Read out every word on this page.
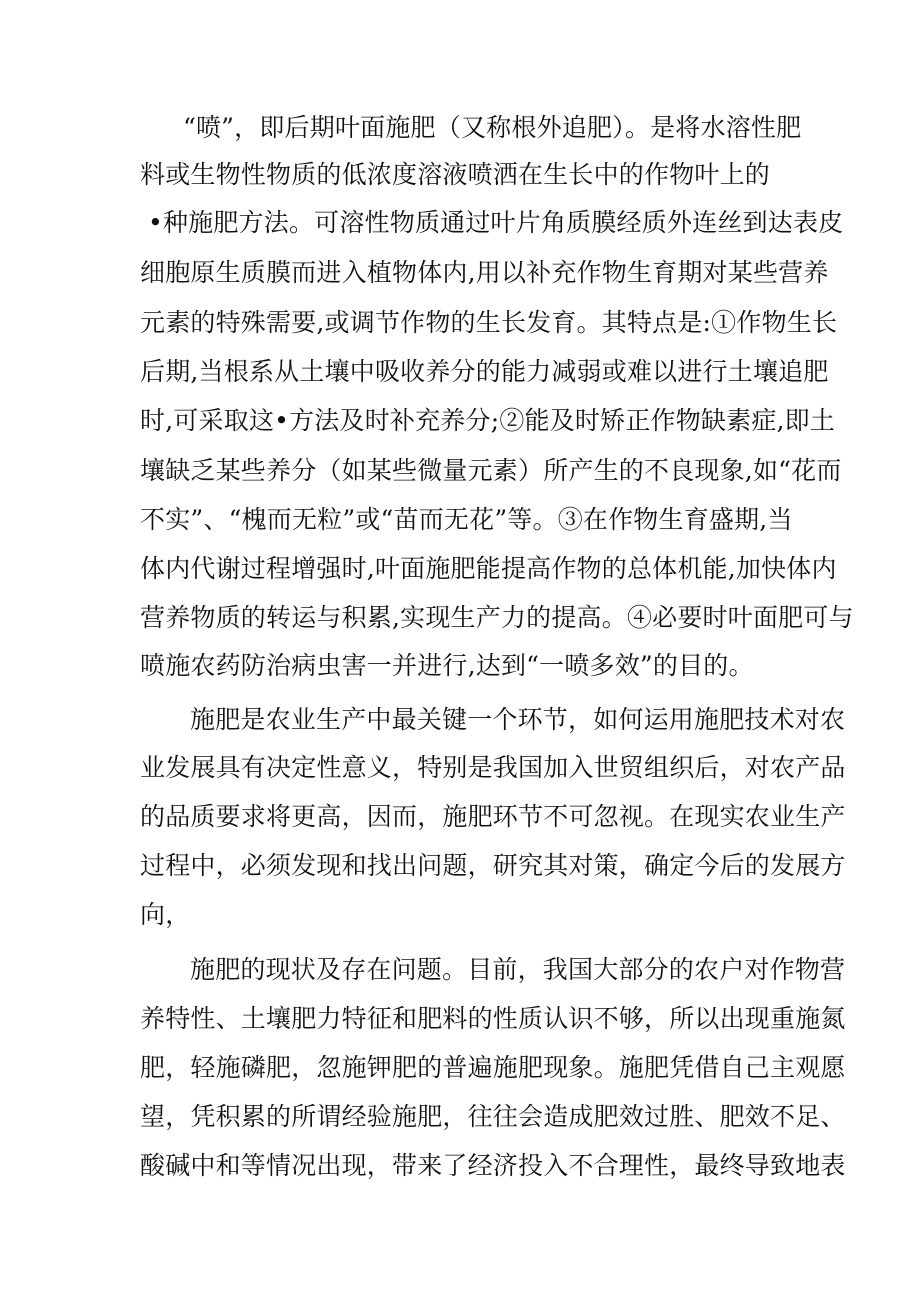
“喷”，即后期叶面施肥（又称根外追肥）。是将水溶性肥
料或生物性物质的低浓度溶液喷洒在生长中的作物叶上的
•种施肥方法。可溶性物质通过叶片角质膜经质外连丝到达表皮
细胞原生质膜而进入植物体内,用以补充作物生育期对某些营养
元素的特殊需要,或调节作物的生长发育。其特点是:①作物生长
后期,当根系从土壤中吸收养分的能力减弱或难以进行土壤追肥
时,可采取这•方法及时补充养分;②能及时矫正作物缺素症,即土
壤缺乏某些养分（如某些微量元素）所产生的不良现象,如“花而
不实”、“槐而无粒”或“苗而无花”等。③在作物生育盛期,当
体内代谢过程增强时,叶面施肥能提高作物的总体机能,加快体内
营养物质的转运与积累,实现生产力的提高。④必要时叶面肥可与
喷施农药防治病虫害一并进行,达到“一喷多效”的目的。
施肥是农业生产中最关键一个环节，如何运用施肥技术对农
业发展具有决定性意义，特别是我国加入世贸组织后，对农产品
的品质要求将更高，因而，施肥环节不可忽视。在现实农业生产
过程中，必须发现和找出问题，研究其对策，确定今后的发展方
向，
施肥的现状及存在问题。目前，我国大部分的农户对作物营
养特性、土壤肥力特征和肥料的性质认识不够，所以出现重施氮
肥，轻施磷肥，忽施钾肥的普遍施肥现象。施肥凭借自己主观愿
望，凭积累的所谓经验施肥，往往会造成肥效过胜、肥效不足、
酸碱中和等情况出现，带来了经济投入不合理性，最终导致地表
